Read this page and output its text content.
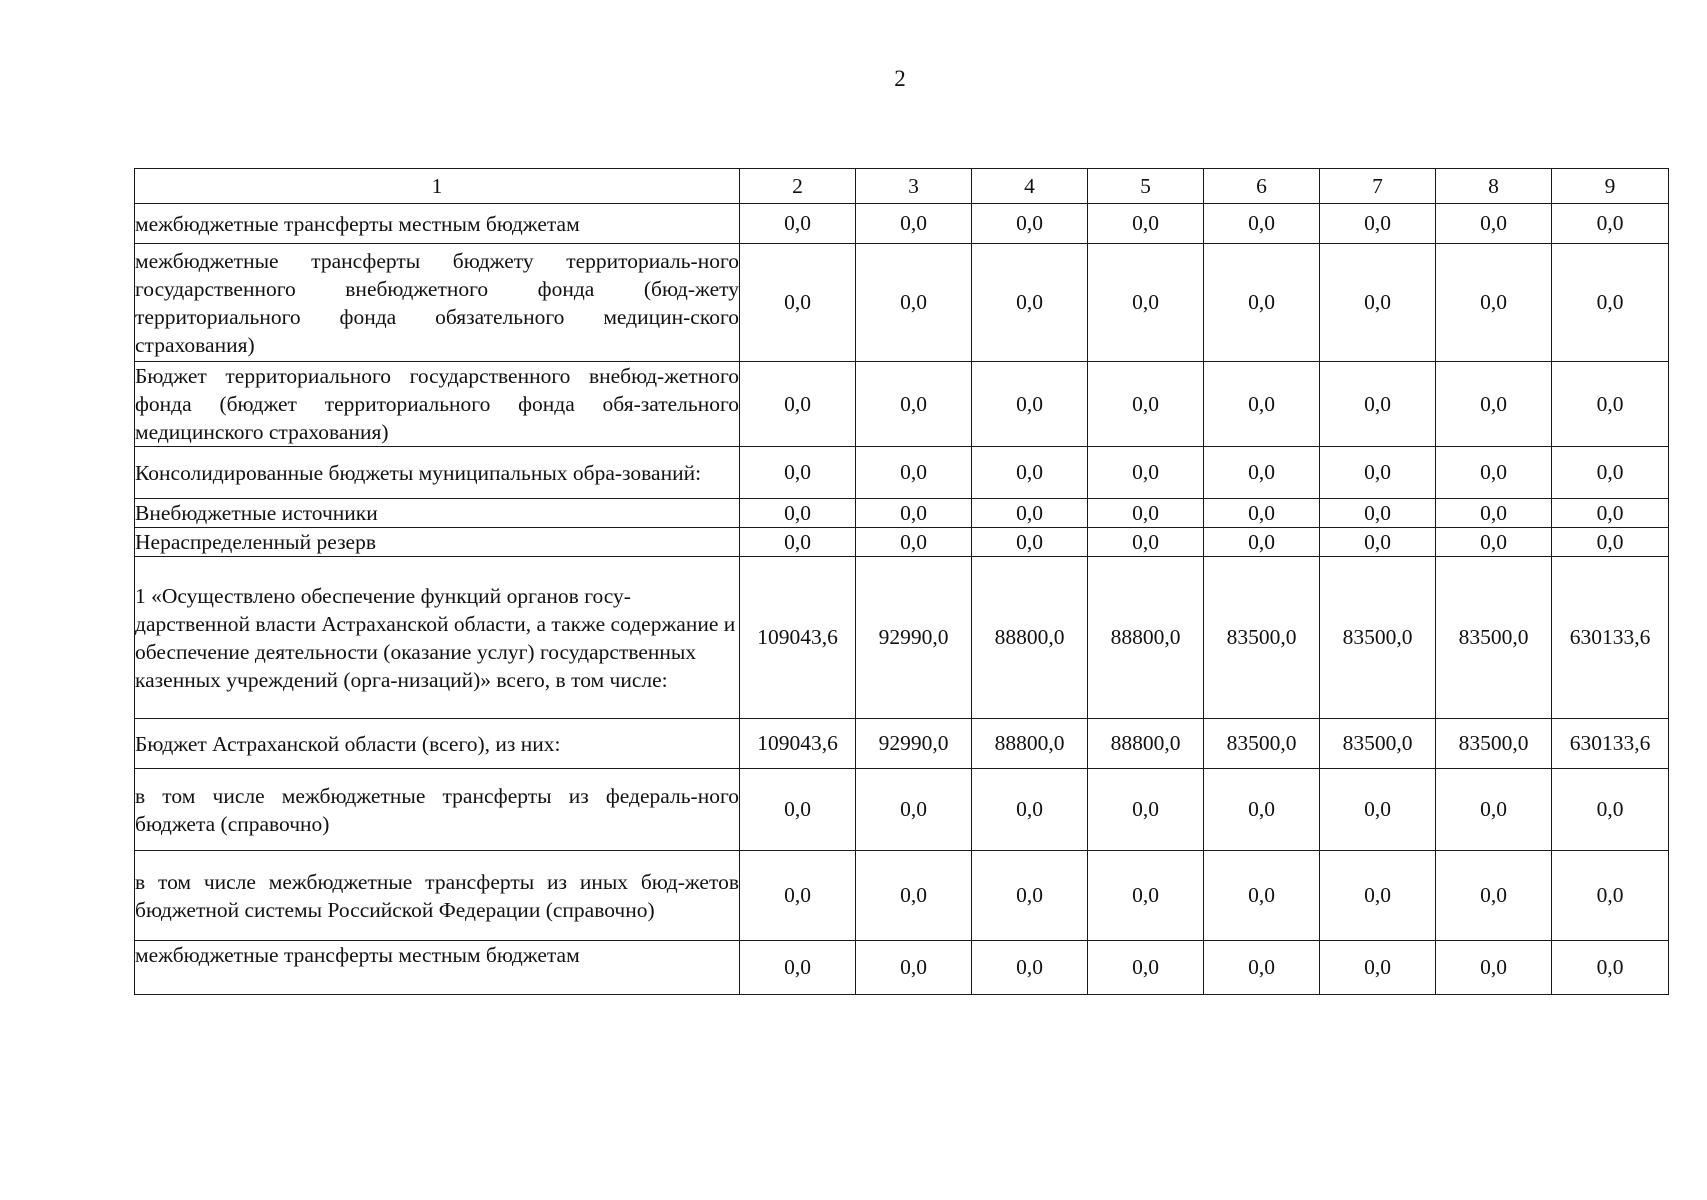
2
1	2	3	4	5	6	7	8	9
межбюджетные трансферты местным бюджетам	0,0	0,0	0,0	0,0	0,0	0,0	0,0	0,0
межбюджетные трансферты бюджету территориаль-ного государственного внебюджетного фонда (бюд-жету территориального фонда обязательного медицин-ского страхования)	0,0	0,0	0,0	0,0	0,0	0,0	0,0	0,0
Бюджет территориального государственного внебюд-жетного фонда (бюджет территориального фонда обя-зательного медицинского страхования)	0,0	0,0	0,0	0,0	0,0	0,0	0,0	0,0
Консолидированные бюджеты муниципальных обра-зований:	0,0	0,0	0,0	0,0	0,0	0,0	0,0	0,0
Внебюджетные источники	0,0	0,0	0,0	0,0	0,0	0,0	0,0	0,0
Нераспределенный резерв	0,0	0,0	0,0	0,0	0,0	0,0	0,0	0,0
1 «Осуществлено обеспечение функций органов госу-дарственной власти Астраханской области, а также содержание и обеспечение деятельности (оказание услуг) государственных казенных учреждений (орга-низаций)» всего, в том числе:	109043,6	92990,0	88800,0	88800,0	83500,0	83500,0	83500,0	630133,6
Бюджет Астраханской области (всего), из них:	109043,6	92990,0	88800,0	88800,0	83500,0	83500,0	83500,0	630133,6
в том числе межбюджетные трансферты из федераль-ного бюджета (справочно)	0,0	0,0	0,0	0,0	0,0	0,0	0,0	0,0
в том числе межбюджетные трансферты из иных бюд-жетов бюджетной системы Российской Федерации (справочно)	0,0	0,0	0,0	0,0	0,0	0,0	0,0	0,0
межбюджетные трансферты местным бюджетам	0,0	0,0	0,0	0,0	0,0	0,0	0,0	0,0
